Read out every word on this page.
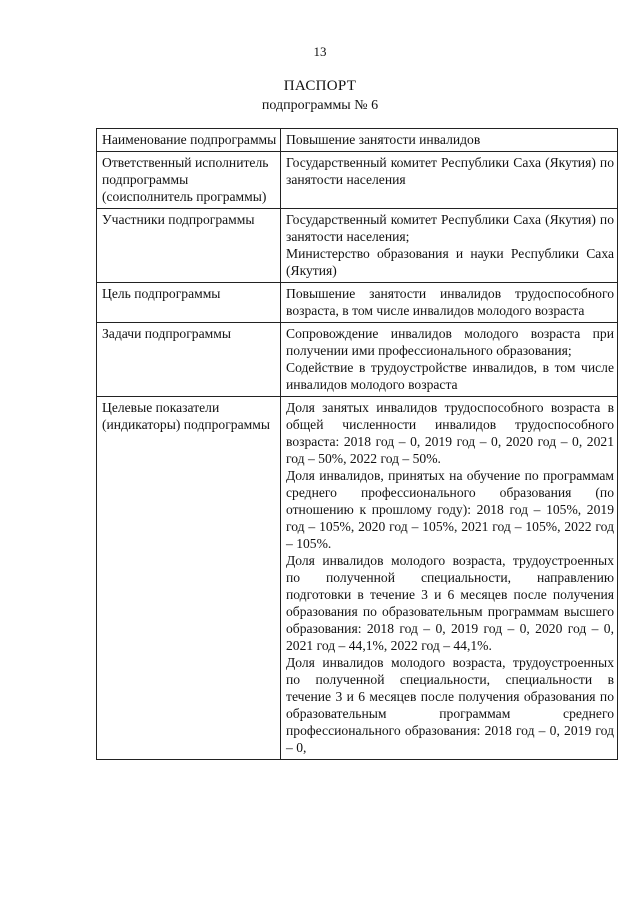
13
ПАСПОРТ
подпрограммы № 6
Наименование подпрограммы	Повышение занятости инвалидов

Ответственный исполнитель подпрограммы (соисполнитель программы)	Государственный комитет Республики Саха (Якутия) по занятости населения

Участники подпрограммы	Государственный комитет Республики Саха (Якутия) по занятости населения;
Министерство образования и науки Республики Саха (Якутия)

Цель подпрограммы	Повышение занятости инвалидов трудоспособного возраста, в том числе инвалидов молодого возраста

Задачи подпрограммы	Сопровождение инвалидов молодого возраста при получении ими профессионального образования;
Содействие в трудоустройстве инвалидов, в том числе инвалидов молодого возраста

Целевые показатели (индикаторы) подпрограммы	Доля занятых инвалидов трудоспособного возраста в общей численности инвалидов трудоспособного возраста: 2018 год – 0, 2019 год – 0, 2020 год – 0, 2021 год – 50%, 2022 год – 50%.
Доля инвалидов, принятых на обучение по программам среднего профессионального образования (по отношению к прошлому году): 2018 год – 105%, 2019 год – 105%, 2020 год – 105%, 2021 год – 105%, 2022 год – 105%.
Доля инвалидов молодого возраста, трудоустроенных по полученной специальности, направлению подготовки в течение 3 и 6 месяцев после получения образования по образовательным программам высшего образования: 2018 год – 0, 2019 год – 0, 2020 год – 0, 2021 год – 44,1%, 2022 год – 44,1%.
Доля инвалидов молодого возраста, трудоустроенных по полученной специальности, специальности в течение 3 и 6 месяцев после получения образования по образовательным программам среднего профессионального образования: 2018 год – 0, 2019 год – 0,
